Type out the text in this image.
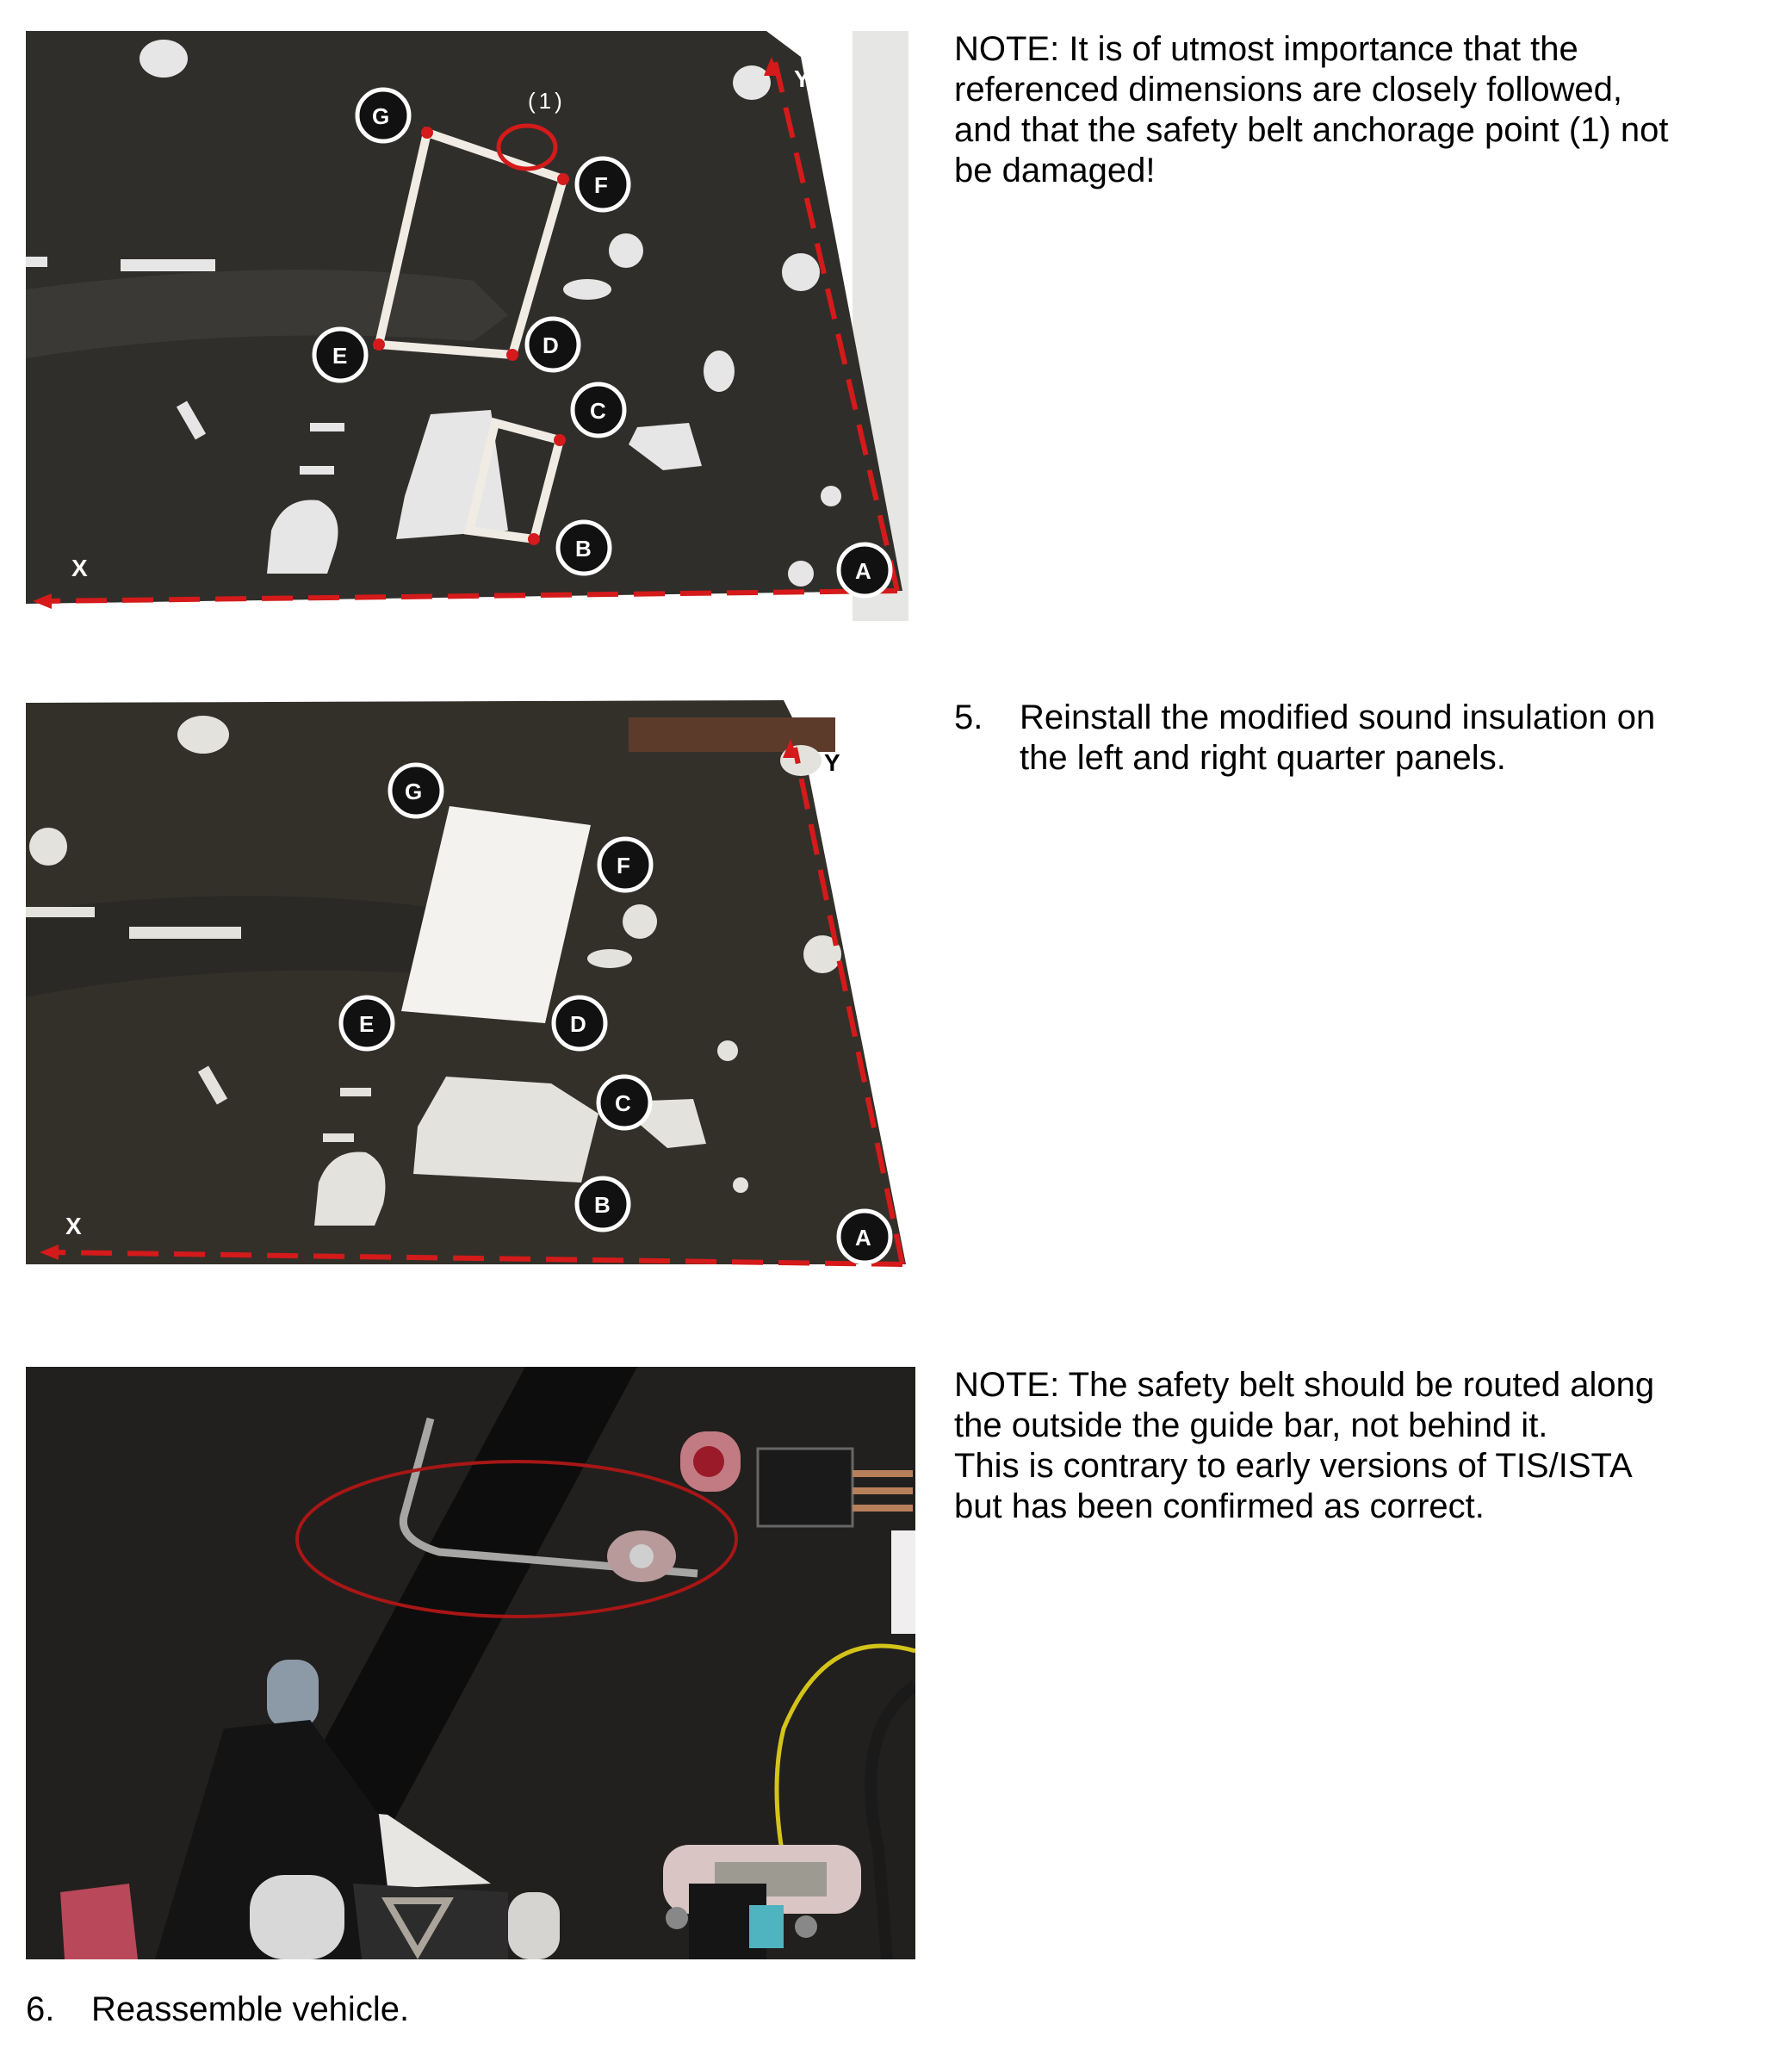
G
F
E	D
C
B
A
(1)
Y
X
NOTE: It is of utmost importance that the
referenced dimensions are closely followed,
and that the safety belt anchorage point (1) not
be damaged!
G
F
E	D
C
B
A
Y
X
5.	Reinstall the modified sound insulation on
the left and right quarter panels.
NOTE: The safety belt should be routed along
the outside the guide bar, not behind it.
This is contrary to early versions of TIS/ISTA
but has been confirmed as correct.
6.	Reassemble vehicle.
